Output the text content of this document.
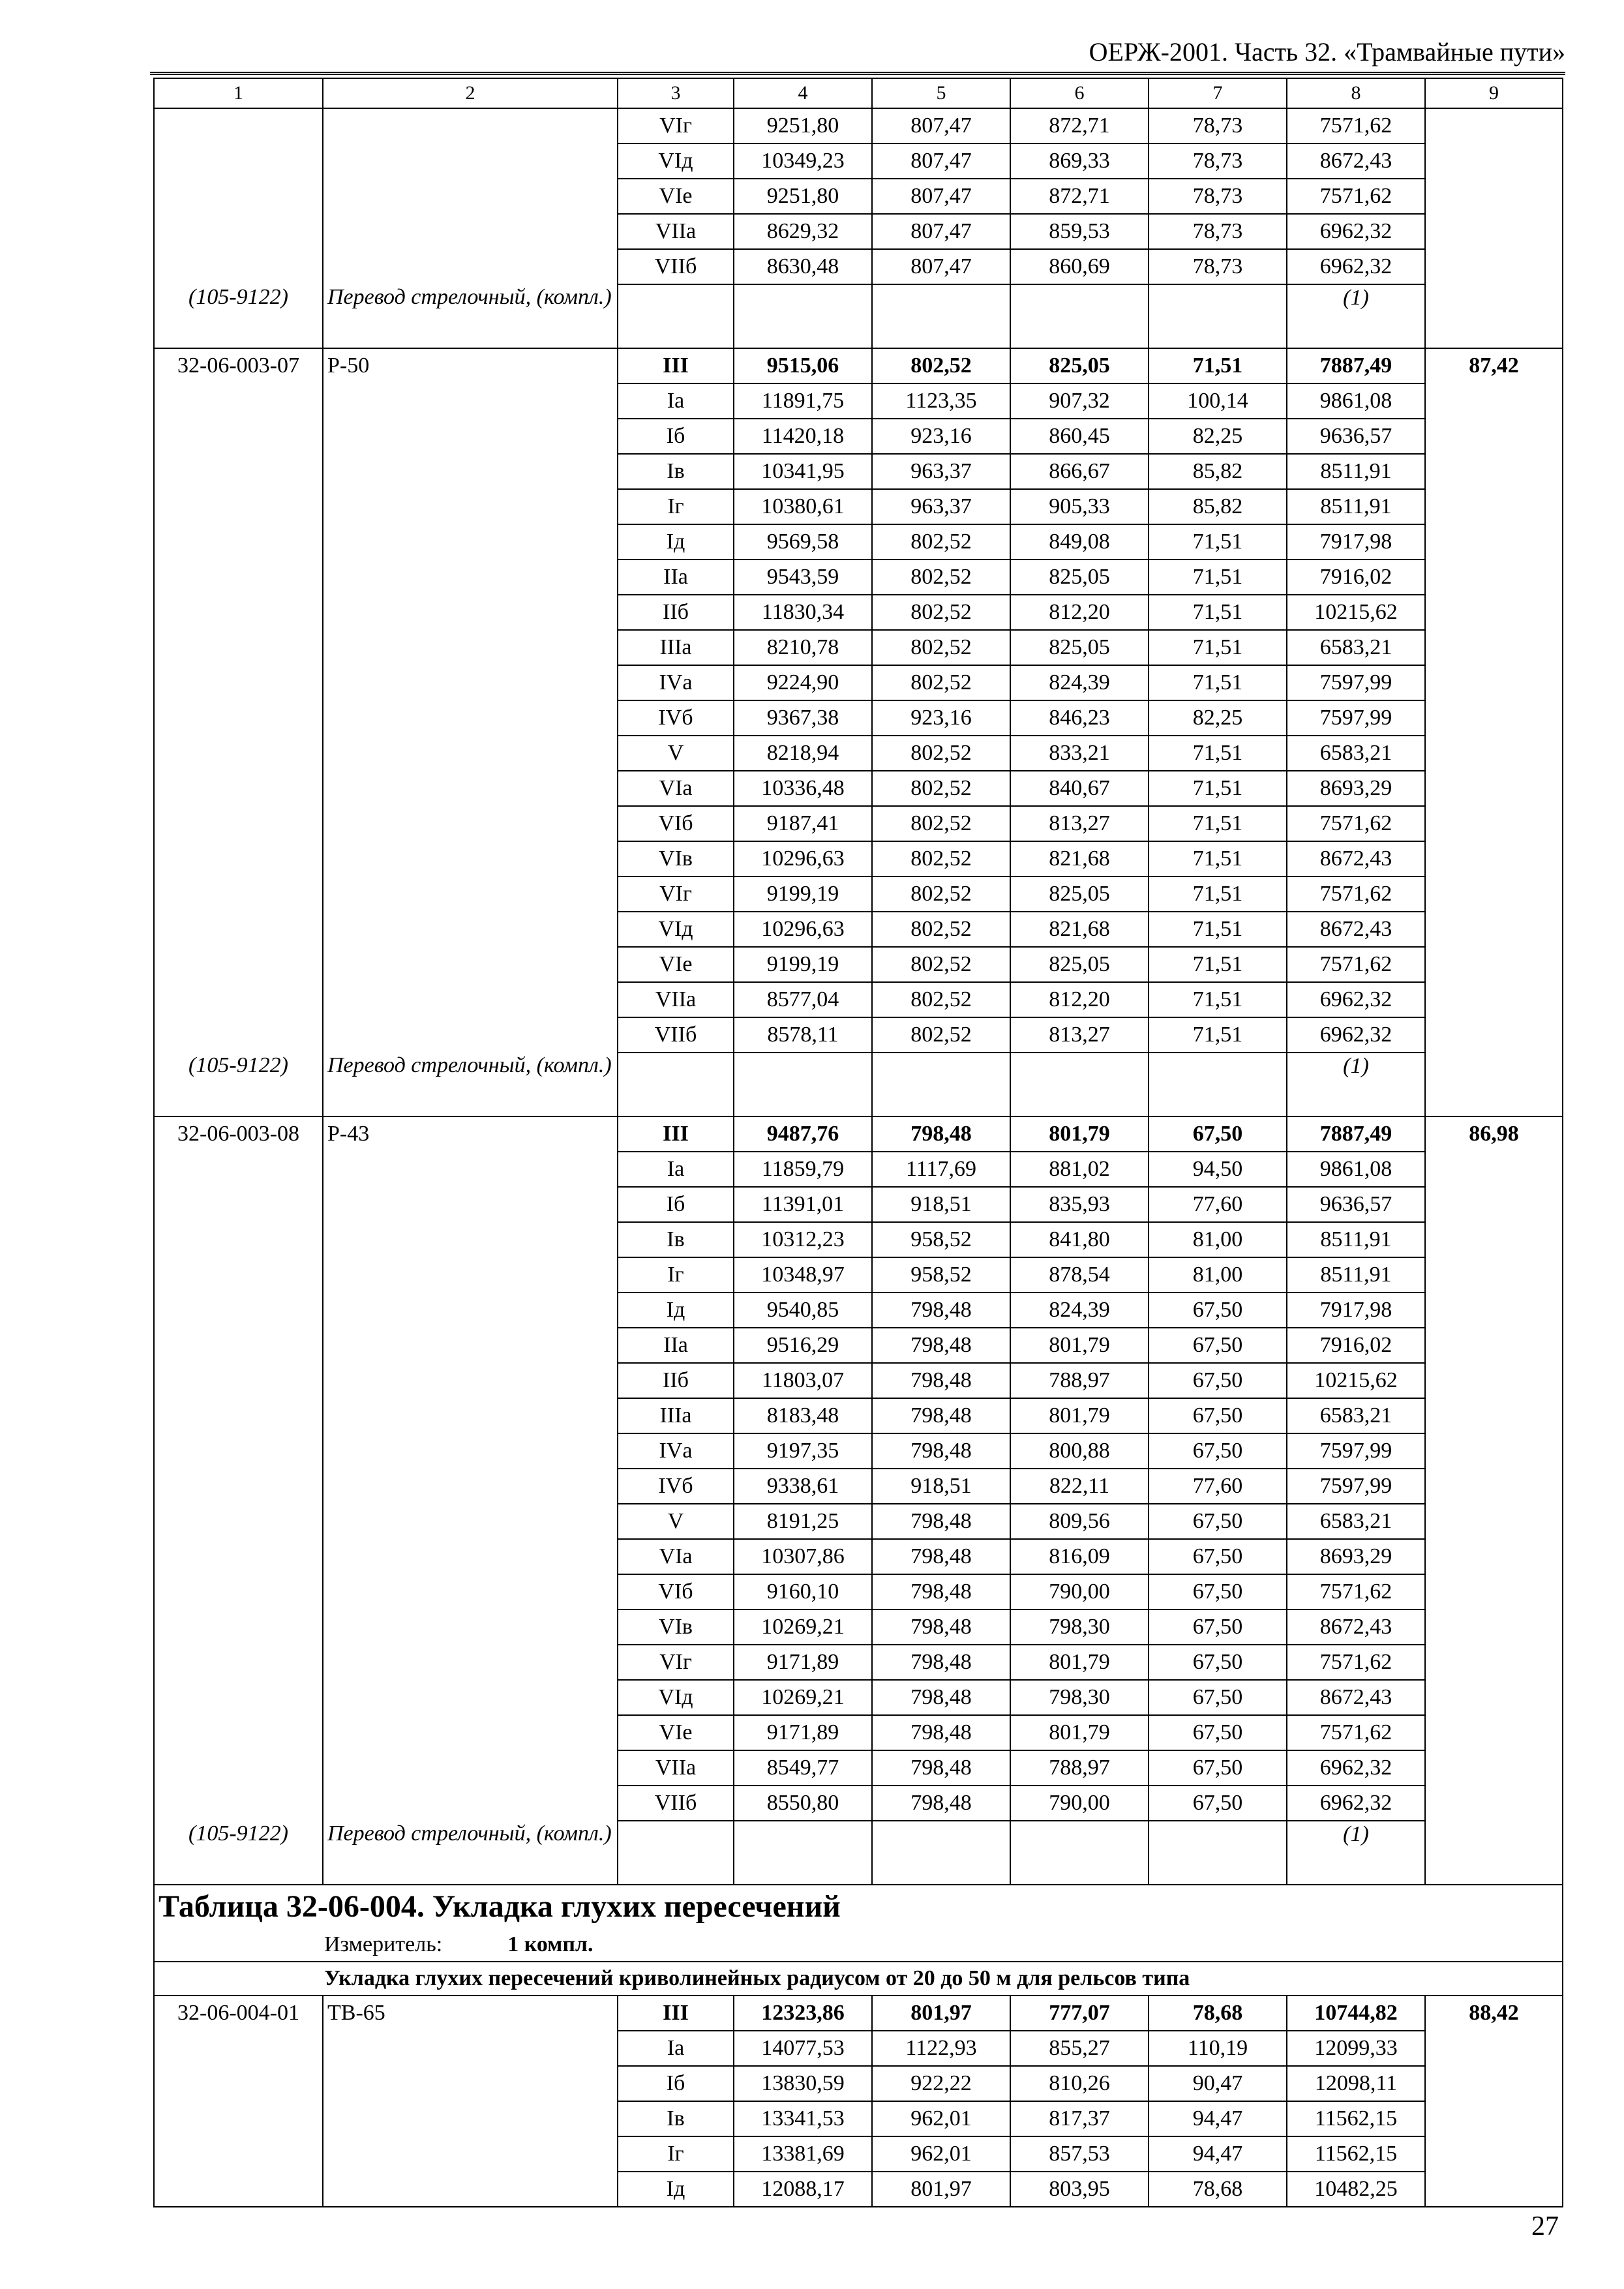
ОЕРЖ-2001. Часть 32. «Трамвайные пути»
1	2	3	4	5	6	7	8	9
		VIг	9251,80	807,47	872,71	78,73	7571,62	
		VIд	10349,23	807,47	869,33	78,73	8672,43	
		VIе	9251,80	807,47	872,71	78,73	7571,62	
		VIIа	8629,32	807,47	859,53	78,73	6962,32	
		VIIб	8630,48	807,47	860,69	78,73	6962,32	
(105-9122)	Перевод стрелочный, (компл.)						(1)	
32-06-003-07	Р-50	III	9515,06	802,52	825,05	71,51	7887,49	87,42
		Iа	11891,75	1123,35	907,32	100,14	9861,08	
		Iб	11420,18	923,16	860,45	82,25	9636,57	
		Iв	10341,95	963,37	866,67	85,82	8511,91	
		Iг	10380,61	963,37	905,33	85,82	8511,91	
		Iд	9569,58	802,52	849,08	71,51	7917,98	
		IIа	9543,59	802,52	825,05	71,51	7916,02	
		IIб	11830,34	802,52	812,20	71,51	10215,62	
		IIIа	8210,78	802,52	825,05	71,51	6583,21	
		IVа	9224,90	802,52	824,39	71,51	7597,99	
		IVб	9367,38	923,16	846,23	82,25	7597,99	
		V	8218,94	802,52	833,21	71,51	6583,21	
		VIа	10336,48	802,52	840,67	71,51	8693,29	
		VIб	9187,41	802,52	813,27	71,51	7571,62	
		VIв	10296,63	802,52	821,68	71,51	8672,43	
		VIг	9199,19	802,52	825,05	71,51	7571,62	
		VIд	10296,63	802,52	821,68	71,51	8672,43	
		VIе	9199,19	802,52	825,05	71,51	7571,62	
		VIIа	8577,04	802,52	812,20	71,51	6962,32	
		VIIб	8578,11	802,52	813,27	71,51	6962,32	
(105-9122)	Перевод стрелочный, (компл.)						(1)	
32-06-003-08	Р-43	III	9487,76	798,48	801,79	67,50	7887,49	86,98
		Iа	11859,79	1117,69	881,02	94,50	9861,08	
		Iб	11391,01	918,51	835,93	77,60	9636,57	
		Iв	10312,23	958,52	841,80	81,00	8511,91	
		Iг	10348,97	958,52	878,54	81,00	8511,91	
		Iд	9540,85	798,48	824,39	67,50	7917,98	
		IIа	9516,29	798,48	801,79	67,50	7916,02	
		IIб	11803,07	798,48	788,97	67,50	10215,62	
		IIIа	8183,48	798,48	801,79	67,50	6583,21	
		IVа	9197,35	798,48	800,88	67,50	7597,99	
		IVб	9338,61	918,51	822,11	77,60	7597,99	
		V	8191,25	798,48	809,56	67,50	6583,21	
		VIа	10307,86	798,48	816,09	67,50	8693,29	
		VIб	9160,10	798,48	790,00	67,50	7571,62	
		VIв	10269,21	798,48	798,30	67,50	8672,43	
		VIг	9171,89	798,48	801,79	67,50	7571,62	
		VIд	10269,21	798,48	798,30	67,50	8672,43	
		VIе	9171,89	798,48	801,79	67,50	7571,62	
		VIIа	8549,77	798,48	788,97	67,50	6962,32	
		VIIб	8550,80	798,48	790,00	67,50	6962,32	
(105-9122)	Перевод стрелочный, (компл.)						(1)	
Таблица 32-06-004. Укладка глухих пересечений								
Измеритель: 1 компл.								
Укладка глухих пересечений криволинейных радиусом от 20 до 50 м для рельсов типа								
32-06-004-01	ТВ-65	III	12323,86	801,97	777,07	78,68	10744,82	88,42
		Iа	14077,53	1122,93	855,27	110,19	12099,33	
		Iб	13830,59	922,22	810,26	90,47	12098,11	
		Iв	13341,53	962,01	817,37	94,47	11562,15	
		Iг	13381,69	962,01	857,53	94,47	11562,15	
		Iд	12088,17	801,97	803,95	78,68	10482,25	
27
